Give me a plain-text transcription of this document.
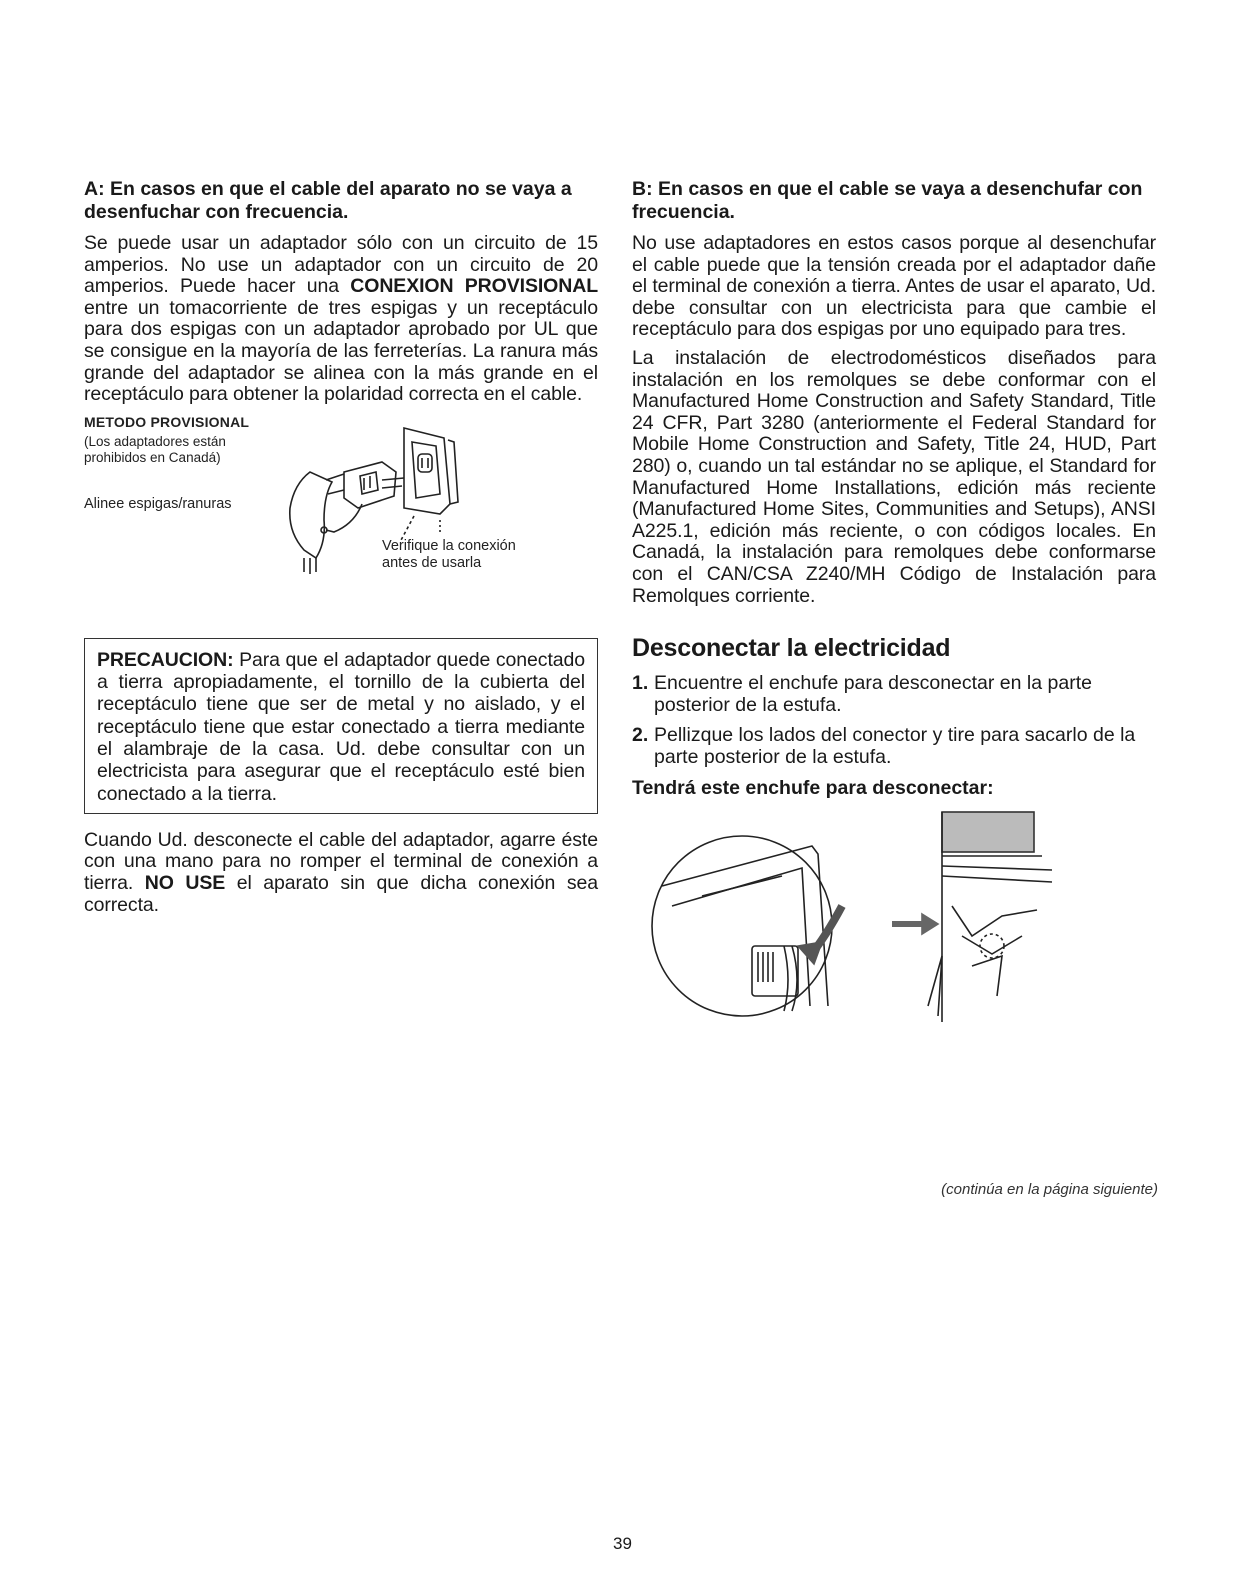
A: En casos en que el cable del aparato no se vaya a desenfuchar con frecuencia.

Se puede usar un adaptador sólo con un circuito de 15 amperios. No use un adaptador con un circuito de 20 amperios. Puede hacer una CONEXION PROVISIONAL entre un tomacorriente de tres espigas y un receptáculo para dos espigas con un adaptador aprobado por UL que se consigue en la mayoría de las ferreterías. La ranura más grande del adaptador se alinea con la más grande en el receptáculo para obtener la polaridad correcta en el cable.

METODO PROVISIONAL
(Los adaptadores están
prohibidos en Canadá)
Alinee espigas/ranuras
Verifique la conexión
antes de usarla

PRECAUCION: Para que el adaptador quede conectado a tierra apropiadamente, el tornillo de la cubierta del receptáculo tiene que ser de metal y no aislado, y el receptáculo tiene que estar conectado a tierra mediante el alambraje de la casa. Ud. debe consultar con un electricista para asegurar que el receptáculo esté bien conectado a la tierra.

Cuando Ud. desconecte el cable del adaptador, agarre éste con una mano para no romper el terminal de conexión a tierra. NO USE el aparato sin que dicha conexión sea correcta.

B: En casos en que el cable se vaya a desenchufar con frecuencia.

No use adaptadores en estos casos porque al desenchufar el cable puede que la tensión creada por el adaptador dañe el terminal de conexión a tierra. Antes de usar el aparato, Ud. debe consultar con un electricista para que cambie el receptáculo para dos espigas por uno equipado para tres.

La instalación de electrodomésticos diseñados para instalación en los remolques se debe conformar con el Manufactured Home Construction and Safety Standard, Title 24 CFR, Part 3280 (anteriormente el Federal Standard for Mobile Home Construction and Safety, Title 24, HUD, Part 280) o, cuando un tal estándar no se aplique, el Standard for Manufactured Home Installations, edición más reciente (Manufactured Home Sites, Communities and Setups), ANSI A225.1, edición más reciente, o con códigos locales. En Canadá, la instalación para remolques debe conformarse con el CAN/CSA Z240/MH Código de Instalación para Remolques corriente.

Desconectar la electricidad
1. Encuentre el enchufe para desconectar en la parte posterior de la estufa.
2. Pellizque los lados del conector y tire para sacarlo de la parte posterior de la estufa.
Tendrá este enchufe para desconectar:
(continúa en la página siguiente)
39
